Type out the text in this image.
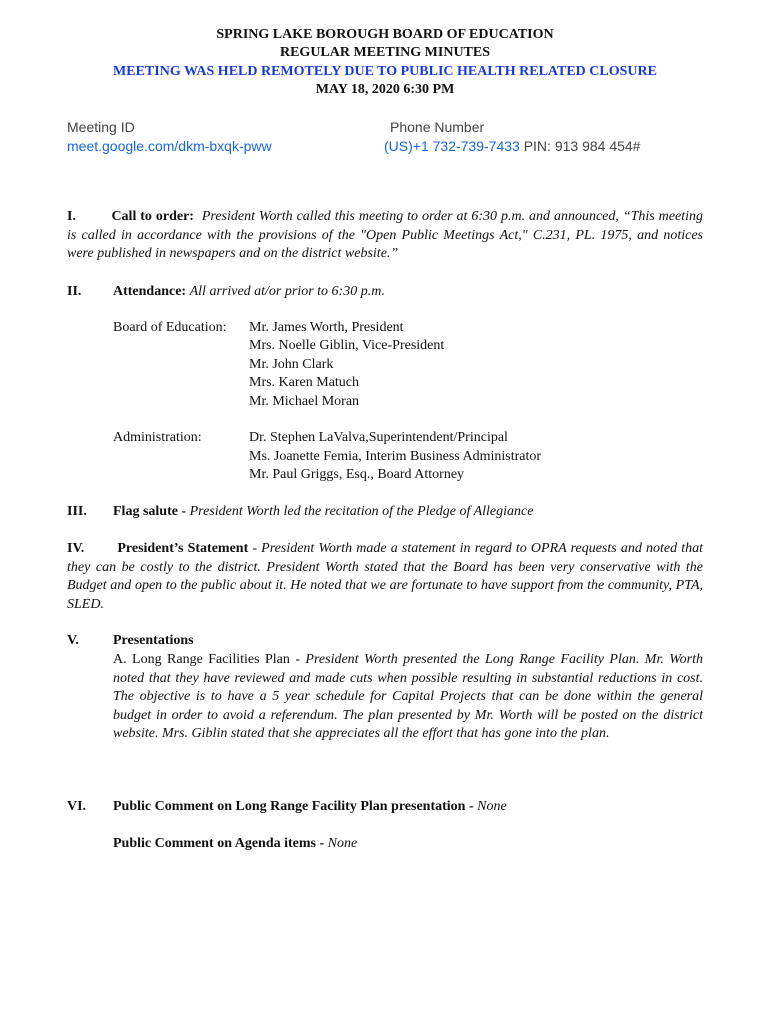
SPRING LAKE BOROUGH BOARD OF EDUCATION
REGULAR MEETING MINUTES
MEETING WAS HELD REMOTELY DUE TO PUBLIC HEALTH RELATED CLOSURE
MAY 18, 2020 6:30 PM
Meeting ID
meet.google.com/dkm-bxqk-pww
Phone Number
(US)+1 732-739-7433 PIN: 913 984 454#
I.	Call to order: President Worth called this meeting to order at 6:30 p.m. and announced, “This meeting is called in accordance with the provisions of the "Open Public Meetings Act," C.231, PL. 1975, and notices were published in newspapers and on the district website.”
II. Attendance: All arrived at/or prior to 6:30 p.m.
Board of Education: Mr. James Worth, President
Mrs. Noelle Giblin, Vice-President
Mr. John Clark
Mrs. Karen Matuch
Mr. Michael Moran
Administration:	Dr. Stephen LaValva,Superintendent/Principal
Ms. Joanette Femia, Interim Business Administrator
Mr. Paul Griggs, Esq., Board Attorney
III. Flag salute - President Worth led the recitation of the Pledge of Allegiance
IV. President’s Statement - President Worth made a statement in regard to OPRA requests and noted that they can be costly to the district. President Worth stated that the Board has been very conservative with the Budget and open to the public about it. He noted that we are fortunate to have support from the community, PTA, SLED.
V. Presentations
A. Long Range Facilities Plan - President Worth presented the Long Range Facility Plan. Mr. Worth noted that they have reviewed and made cuts when possible resulting in substantial reductions in cost. The objective is to have a 5 year schedule for Capital Projects that can be done within the general budget in order to avoid a referendum. The plan presented by Mr. Worth will be posted on the district website. Mrs. Giblin stated that she appreciates all the effort that has gone into the plan.
VI. Public Comment on Long Range Facility Plan presentation - None
Public Comment on Agenda items - None
